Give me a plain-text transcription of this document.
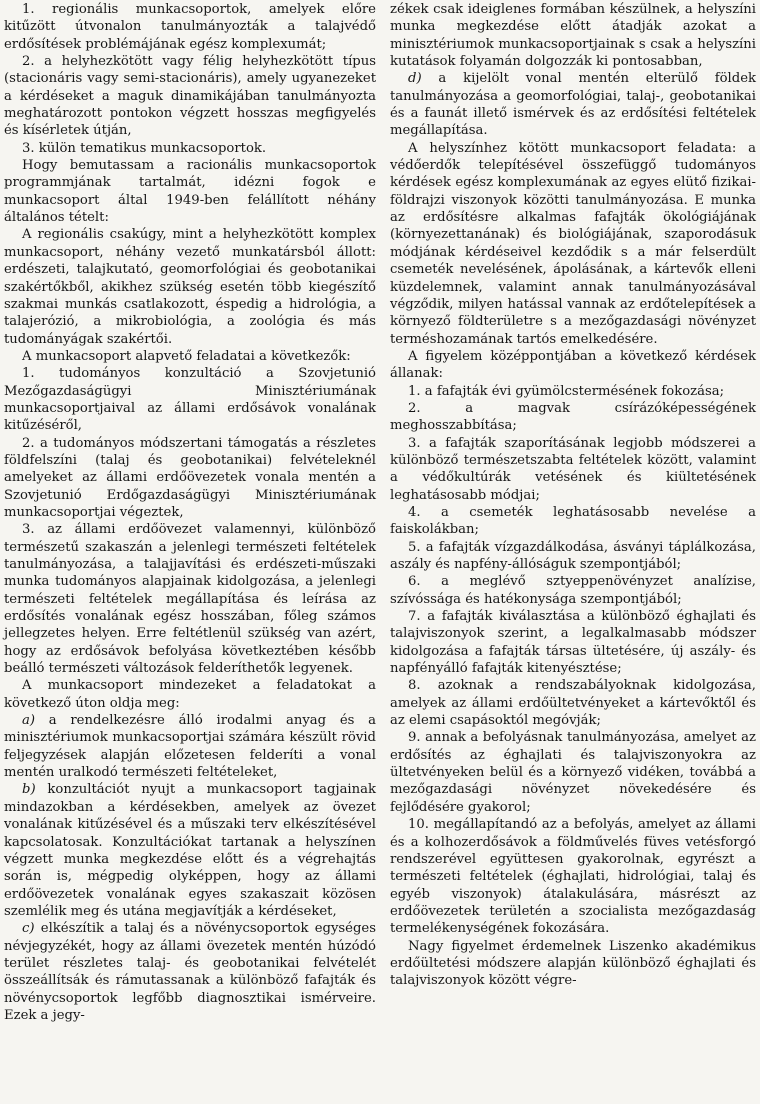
1. regionális munkacsoportok, amelyek előre kitűzött útvonalon tanulmányozták a talajvédő erdősítések problémájának egész komplexumát;

2. a helyhezkötött vagy félig helyhezkötött típus (stacionáris vagy semi-stacionáris), amely ugyanezeket a kérdéseket a maguk dinamikájában tanulmányozta meghatározott pontokon végzett hosszas megfigyelés és kísérletek útján,

3. külön tematikus munkacsoportok.

Hogy bemutassam a racionális munkacsoportok programmjának tartalmát, idézni fogok e munkacsoport által 1949-ben felállított néhány általános tételt:

A regionális csakúgy, mint a helyhezkötött komplex munkacsoport, néhány vezető munkatársból állott: erdészeti, talajkutató, geomorfológiai és geobotanikai szakértőkből, akikhez szükség esetén több kiegészítő szakmai munkás csatlakozott, éspedig a hidrológia, a talajerózió, a mikrobiológia, a zoológia és más tudományágak szakértői.

A munkacsoport alapvető feladatai a következők:

1. tudományos konzultáció a Szovjetunió Mezőgazdaságügyi Minisztériumának munkacsoportjaival az állami erdősávok vonalának kitűzéséről,

2. a tudományos módszertani támogatás a részletes földfelszíni (talaj és geobotanikai) felvételeknél amelyeket az állami erdőövezetek vonala mentén a Szovjetunió Erdőgazdaságügyi Minisztériumának munkacsoportjai végeztek,

3. az állami erdőövezet valamennyi, különböző természetű szakaszán a jelenlegi természeti feltételek tanulmányozása, a talajjavítási és erdészeti-műszaki munka tudományos alapjainak kidolgozása, a jelenlegi természeti feltételek megállapítása és leírása az erdősítés vonalának egész hosszában, főleg számos jellegzetes helyen. Erre feltétlenül szükség van azért, hogy az erdősávok befolyása következtében később beálló természeti változások felderíthetők legyenek.

A munkacsoport mindezeket a feladatokat a következő úton oldja meg:

a) a rendelkezésre álló irodalmi anyag és a minisztériumok munkacsoportjai számára készült rövid feljegyzések alapján előzetesen felderíti a vonal mentén uralkodó természeti feltételeket,

b) konzultációt nyujt a munkacsoport tagjainak mindazokban a kérdésekben, amelyek az övezet vonalának kitűzésével és a műszaki terv elkészítésével kapcsolatosak. Konzultációkat tartanak a helyszínen végzett munka megkezdése előtt és a végrehajtás során is, mégpedig olyképpen, hogy az állami erdőövezetek vonalának egyes szakaszait közösen szemlélik meg és utána megjavítják a kérdéseket,

c) elkészítik a talaj és a növénycsoportok egységes névjegyzékét, hogy az állami övezetek mentén húzódó terület részletes talaj- és geobotanikai felvételét összeállítsák és rámutassanak a különböző fafajták és növénycsoportok legfőbb diagnosztikai ismérveire. Ezek a jegy-

zékek csak ideiglenes formában készülnek, a helyszíni munka megkezdése előtt átadják azokat a minisztériumok munkacsoportjainak s csak a helyszíni kutatások folyamán dolgozzák ki pontosabban,

d) a kijelölt vonal mentén elterülő földek tanulmányozása a geomorfológiai, talaj-, geobotanikai és a faunát illető ismérvek és az erdősítési feltételek megállapítása.

A helyszínhez kötött munkacsoport feladata: a védőerdők telepítésével összefüggő tudományos kérdések egész komplexumának az egyes elütő fizikai-földrajzi viszonyok közötti tanulmányozása. E munka az erdősítésre alkalmas fafajták ökológiájának (környezettanának) és biológiájának, szaporodásuk módjának kérdéseivel kezdődik s a már felserdült csemeték nevelésének, ápolásának, a kártevők elleni küzdelemnek, valamint annak tanulmányozásával végződik, milyen hatással vannak az erdőtelepítések a környező földterületre s a mezőgazdasági növényzet terméshozamának tartós emelkedésére.

A figyelem középpontjában a következő kérdések állanak:

1. a fafajták évi gyümölcstermésének fokozása;

2. a magvak csírázóképességének meghosszabbítása;

3. a fafajták szaporításának legjobb módszerei a különböző természetszabta feltételek között, valamint a védőkultúrák vetésének és kiültetésének leghatásosabb módjai;

4. a csemeték leghatásosabb nevelése a faiskolákban;

5. a fafajták vízgazdálkodása, ásványi táplálkozása, aszály és napfény-állóságuk szempontjából;

6. a meglévő sztyeppenövényzet analízise, szívóssága és hatékonysága szempontjából;

7. a fafajták kiválasztása a különböző éghajlati és talajviszonyok szerint, a legalkalmasabb módszer kidolgozása a fafajták társas ültetésére, új aszály- és napfényálló fafajták kitenyésztése;

8. azoknak a rendszabályoknak kidolgozása, amelyek az állami erdőültetvényeket a kártevőktől és az elemi csapásoktól megóvják;

9. annak a befolyásnak tanulmányozása, amelyet az erdősítés az éghajlati és talajviszonyokra az ültetvényeken belül és a környező vidéken, továbbá a mezőgazdasági növényzet növekedésére és fejlődésére gyakorol;

10. megállapítandó az a befolyás, amelyet az állami és a kolhozerdősávok a földművelés füves vetésforgó rendszerével együttesen gyakorolnak, egyrészt a természeti feltételek (éghajlati, hidrológiai, talaj és egyéb viszonyok) átalakulására, másrészt az erdőövezetek területén a szocialista mezőgazdaság termelékenységének fokozására.

Nagy figyelmet érdemelnek Liszenko akadémikus erdőültetési módszere alapján különböző éghajlati és talajviszonyok között végre-
